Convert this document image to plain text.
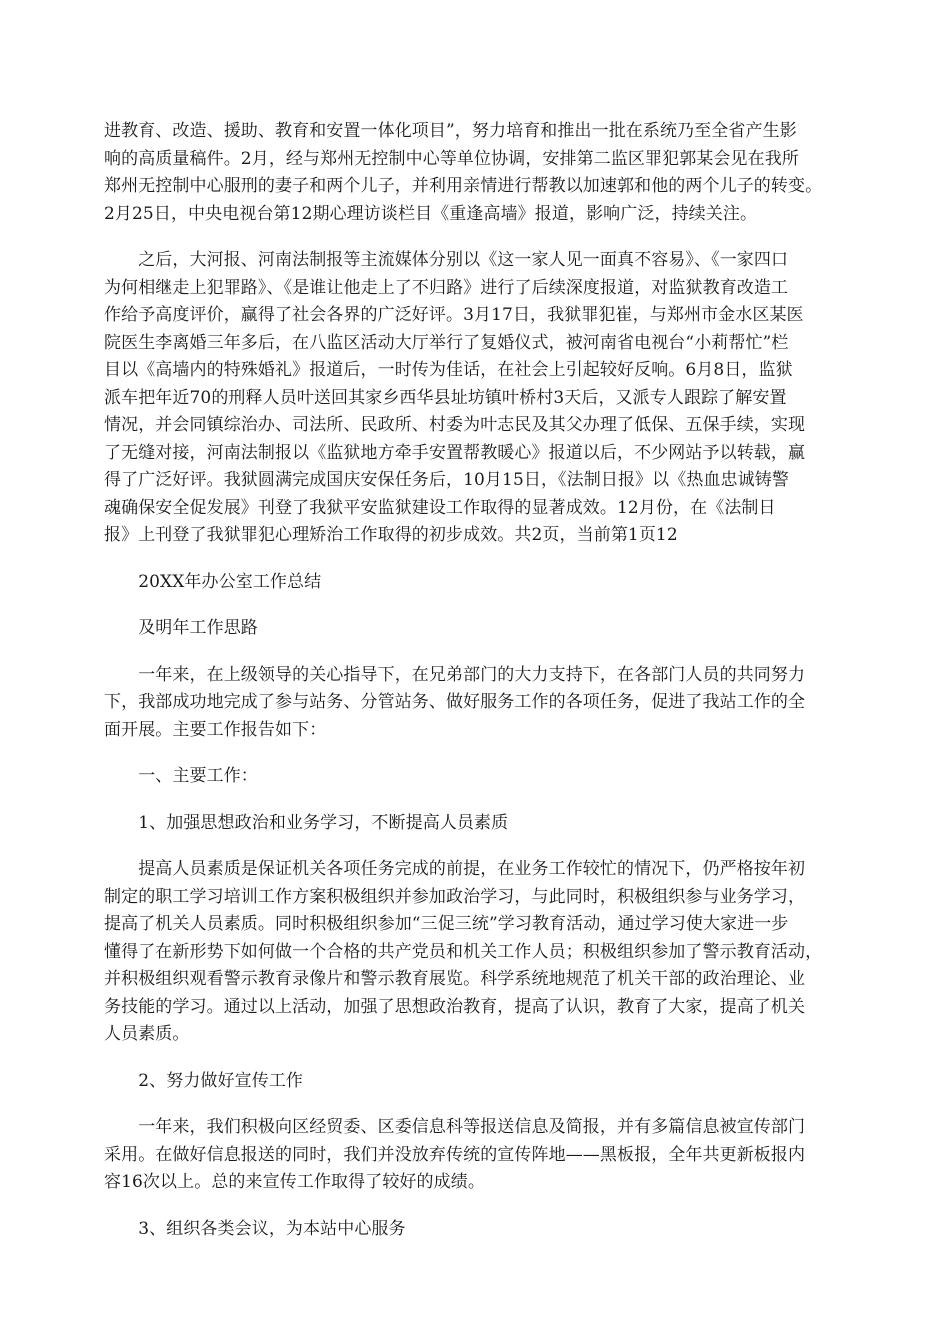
进教育、改造、援助、教育和安置一体化项目”，努力培育和推出一批在系统乃至全省产生影
响的高质量稿件。2月，经与郑州无控制中心等单位协调，安排第二监区罪犯郭某会见在我所
郑州无控制中心服刑的妻子和两个儿子，并利用亲情进行帮教以加速郭和他的两个儿子的转变。
2月25日，中央电视台第12期心理访谈栏目《重逢高墙》报道，影响广泛，持续关注。

　　之后，大河报、河南法制报等主流媒体分别以《这一家人见一面真不容易》、《一家四口
为何相继走上犯罪路》、《是谁让他走上了不归路》进行了后续深度报道，对监狱教育改造工
作给予高度评价，赢得了社会各界的广泛好评。3月17日，我狱罪犯崔，与郑州市金水区某医
院医生李离婚三年多后，在八监区活动大厅举行了复婚仪式，被河南省电视台“小莉帮忙”栏
目以《高墙内的特殊婚礼》报道后，一时传为佳话，在社会上引起较好反响。6月8日，监狱
派车把年近70的刑释人员叶送回其家乡西华县址坊镇叶桥村3天后，又派专人跟踪了解安置
情况，并会同镇综治办、司法所、民政所、村委为叶志民及其父办理了低保、五保手续，实现
了无缝对接，河南法制报以《监狱地方牵手安置帮教暖心》报道以后，不少网站予以转载，赢
得了广泛好评。我狱圆满完成国庆安保任务后，10月15日，《法制日报》以《热血忠诚铸警
魂确保安全促发展》刊登了我狱平安监狱建设工作取得的显著成效。12月份，在《法制日
报》上刊登了我狱罪犯心理矫治工作取得的初步成效。共2页，当前第1页12

　　20XX年办公室工作总结

　　及明年工作思路

　　一年来，在上级领导的关心指导下，在兄弟部门的大力支持下，在各部门人员的共同努力
下，我部成功地完成了参与站务、分管站务、做好服务工作的各项任务，促进了我站工作的全
面开展。主要工作报告如下：

　　一、主要工作：

　　1、加强思想政治和业务学习，不断提高人员素质

　　提高人员素质是保证机关各项任务完成的前提，在业务工作较忙的情况下，仍严格按年初
制定的职工学习培训工作方案积极组织并参加政治学习，与此同时，积极组织参与业务学习，
提高了机关人员素质。同时积极组织参加“三促三统”学习教育活动，通过学习使大家进一步
懂得了在新形势下如何做一个合格的共产党员和机关工作人员；积极组织参加了警示教育活动，
并积极组织观看警示教育录像片和警示教育展览。科学系统地规范了机关干部的政治理论、业
务技能的学习。通过以上活动，加强了思想政治教育，提高了认识，教育了大家，提高了机关
人员素质。

　　2、努力做好宣传工作

　　一年来，我们积极向区经贸委、区委信息科等报送信息及简报，并有多篇信息被宣传部门
采用。在做好信息报送的同时，我们并没放弃传统的宣传阵地——黑板报，全年共更新板报内
容16次以上。总的来宣传工作取得了较好的成绩。

　　3、组织各类会议，为本站中心服务
